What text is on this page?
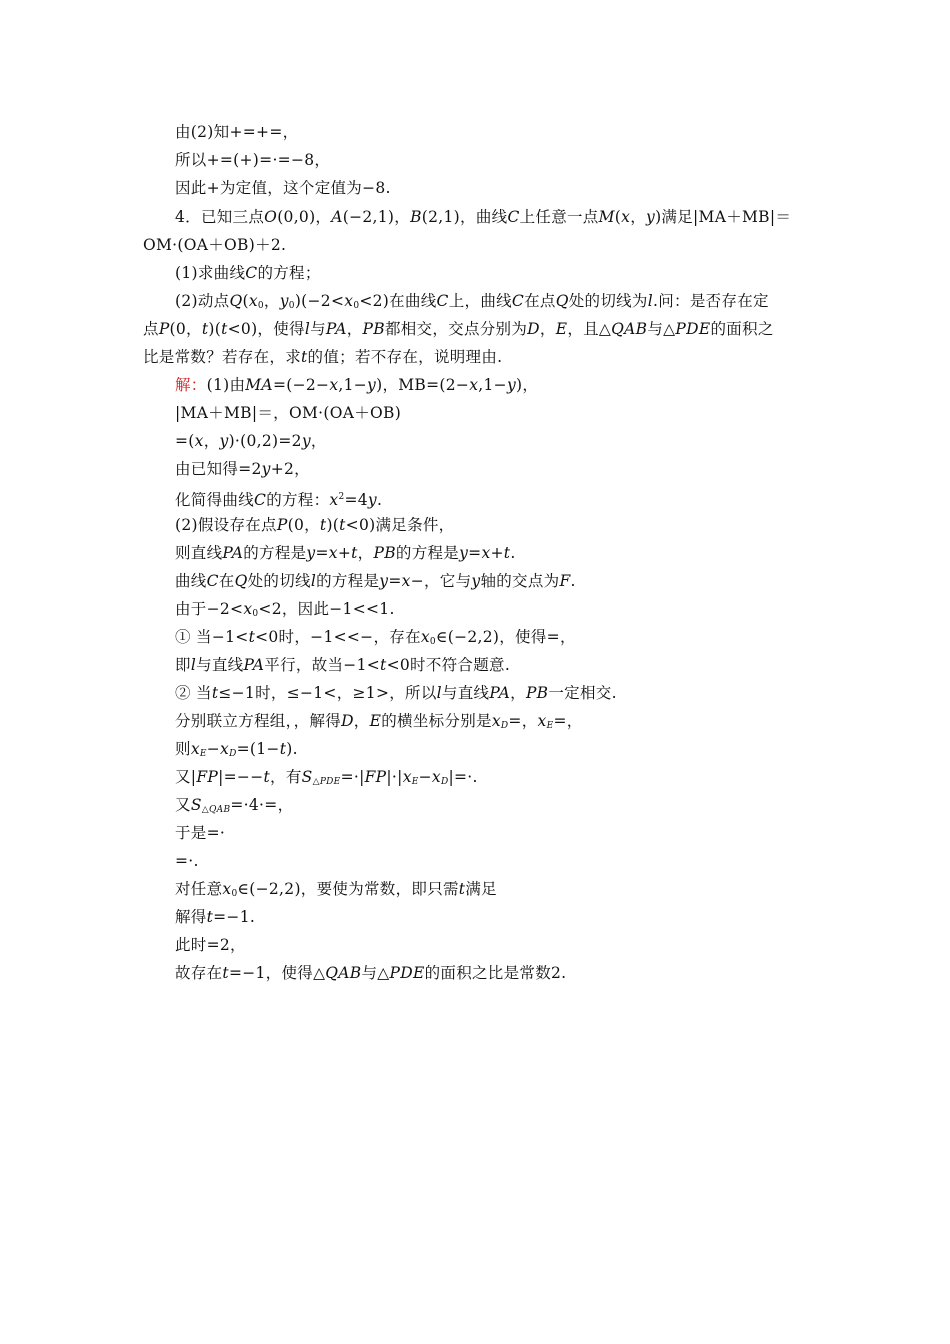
由(2)知+=+=，
所以+=(+)=·=−8，
因此+为定值，这个定值为−8.
4．已知三点O(0,0)，A(−2,1)，B(2,1)，曲线C上任意一点M(x，y)满足|MA＋MB|＝
OM·(OA＋OB)＋2.
(1)求曲线C的方程；
(2)动点$Q(x_0$，$y_0)(-2<x_0<2)$在曲线C上，曲线C在点Q处的切线为l.问：是否存在定
点P(0，t)(t<0)，使得l与PA，PB都相交，交点分别为D，E，且△QAB与△PDE的面积之
比是常数？若存在，求t的值；若不存在，说明理由.
解：(1)由MA=(−2−x,1−y)，MB=(2−x,1−y)，
|MA＋MB|＝，OM·(OA＋OB)
=(x，y)·(0,2)=2y，
由已知得=2y+2，
化简得曲线C的方程：$x^2=4y$.
(2)假设存在点P(0，t)(t<0)满足条件，
则直线PA的方程是y=x+t，PB的方程是y=x+t.
曲线C在Q处的切线l的方程是y=x−，它与y轴的交点为F.
由于$-2<x_0<2$，因此−1<<1.
① 当−1<t<0时，−1<<−，存在$x_0\in(-2,2)$，使得=，
即l与直线PA平行，故当−1<t<0时不符合题意.
② 当t≤−1时，≤−1<，≥1>，所以l与直线PA，PB一定相交.
分别联立方程组，，解得D，E的横坐标分别是$x_D=$，$x_E=$，
则$x_E-x_D=(1-t)$.
又|FP|=−−t，有$S_{\triangle PDE}=\cdot|FP|\cdot|x_E-x_D|=\cdot$.
又$S_{\triangle QAB}=\cdot 4\cdot=$，
于是=·
=·.
对任意$x_0\in(-2,2)$，要使为常数，即只需t满足
解得t=−1.
此时=2，
故存在t=−1，使得△QAB与△PDE的面积之比是常数2.
